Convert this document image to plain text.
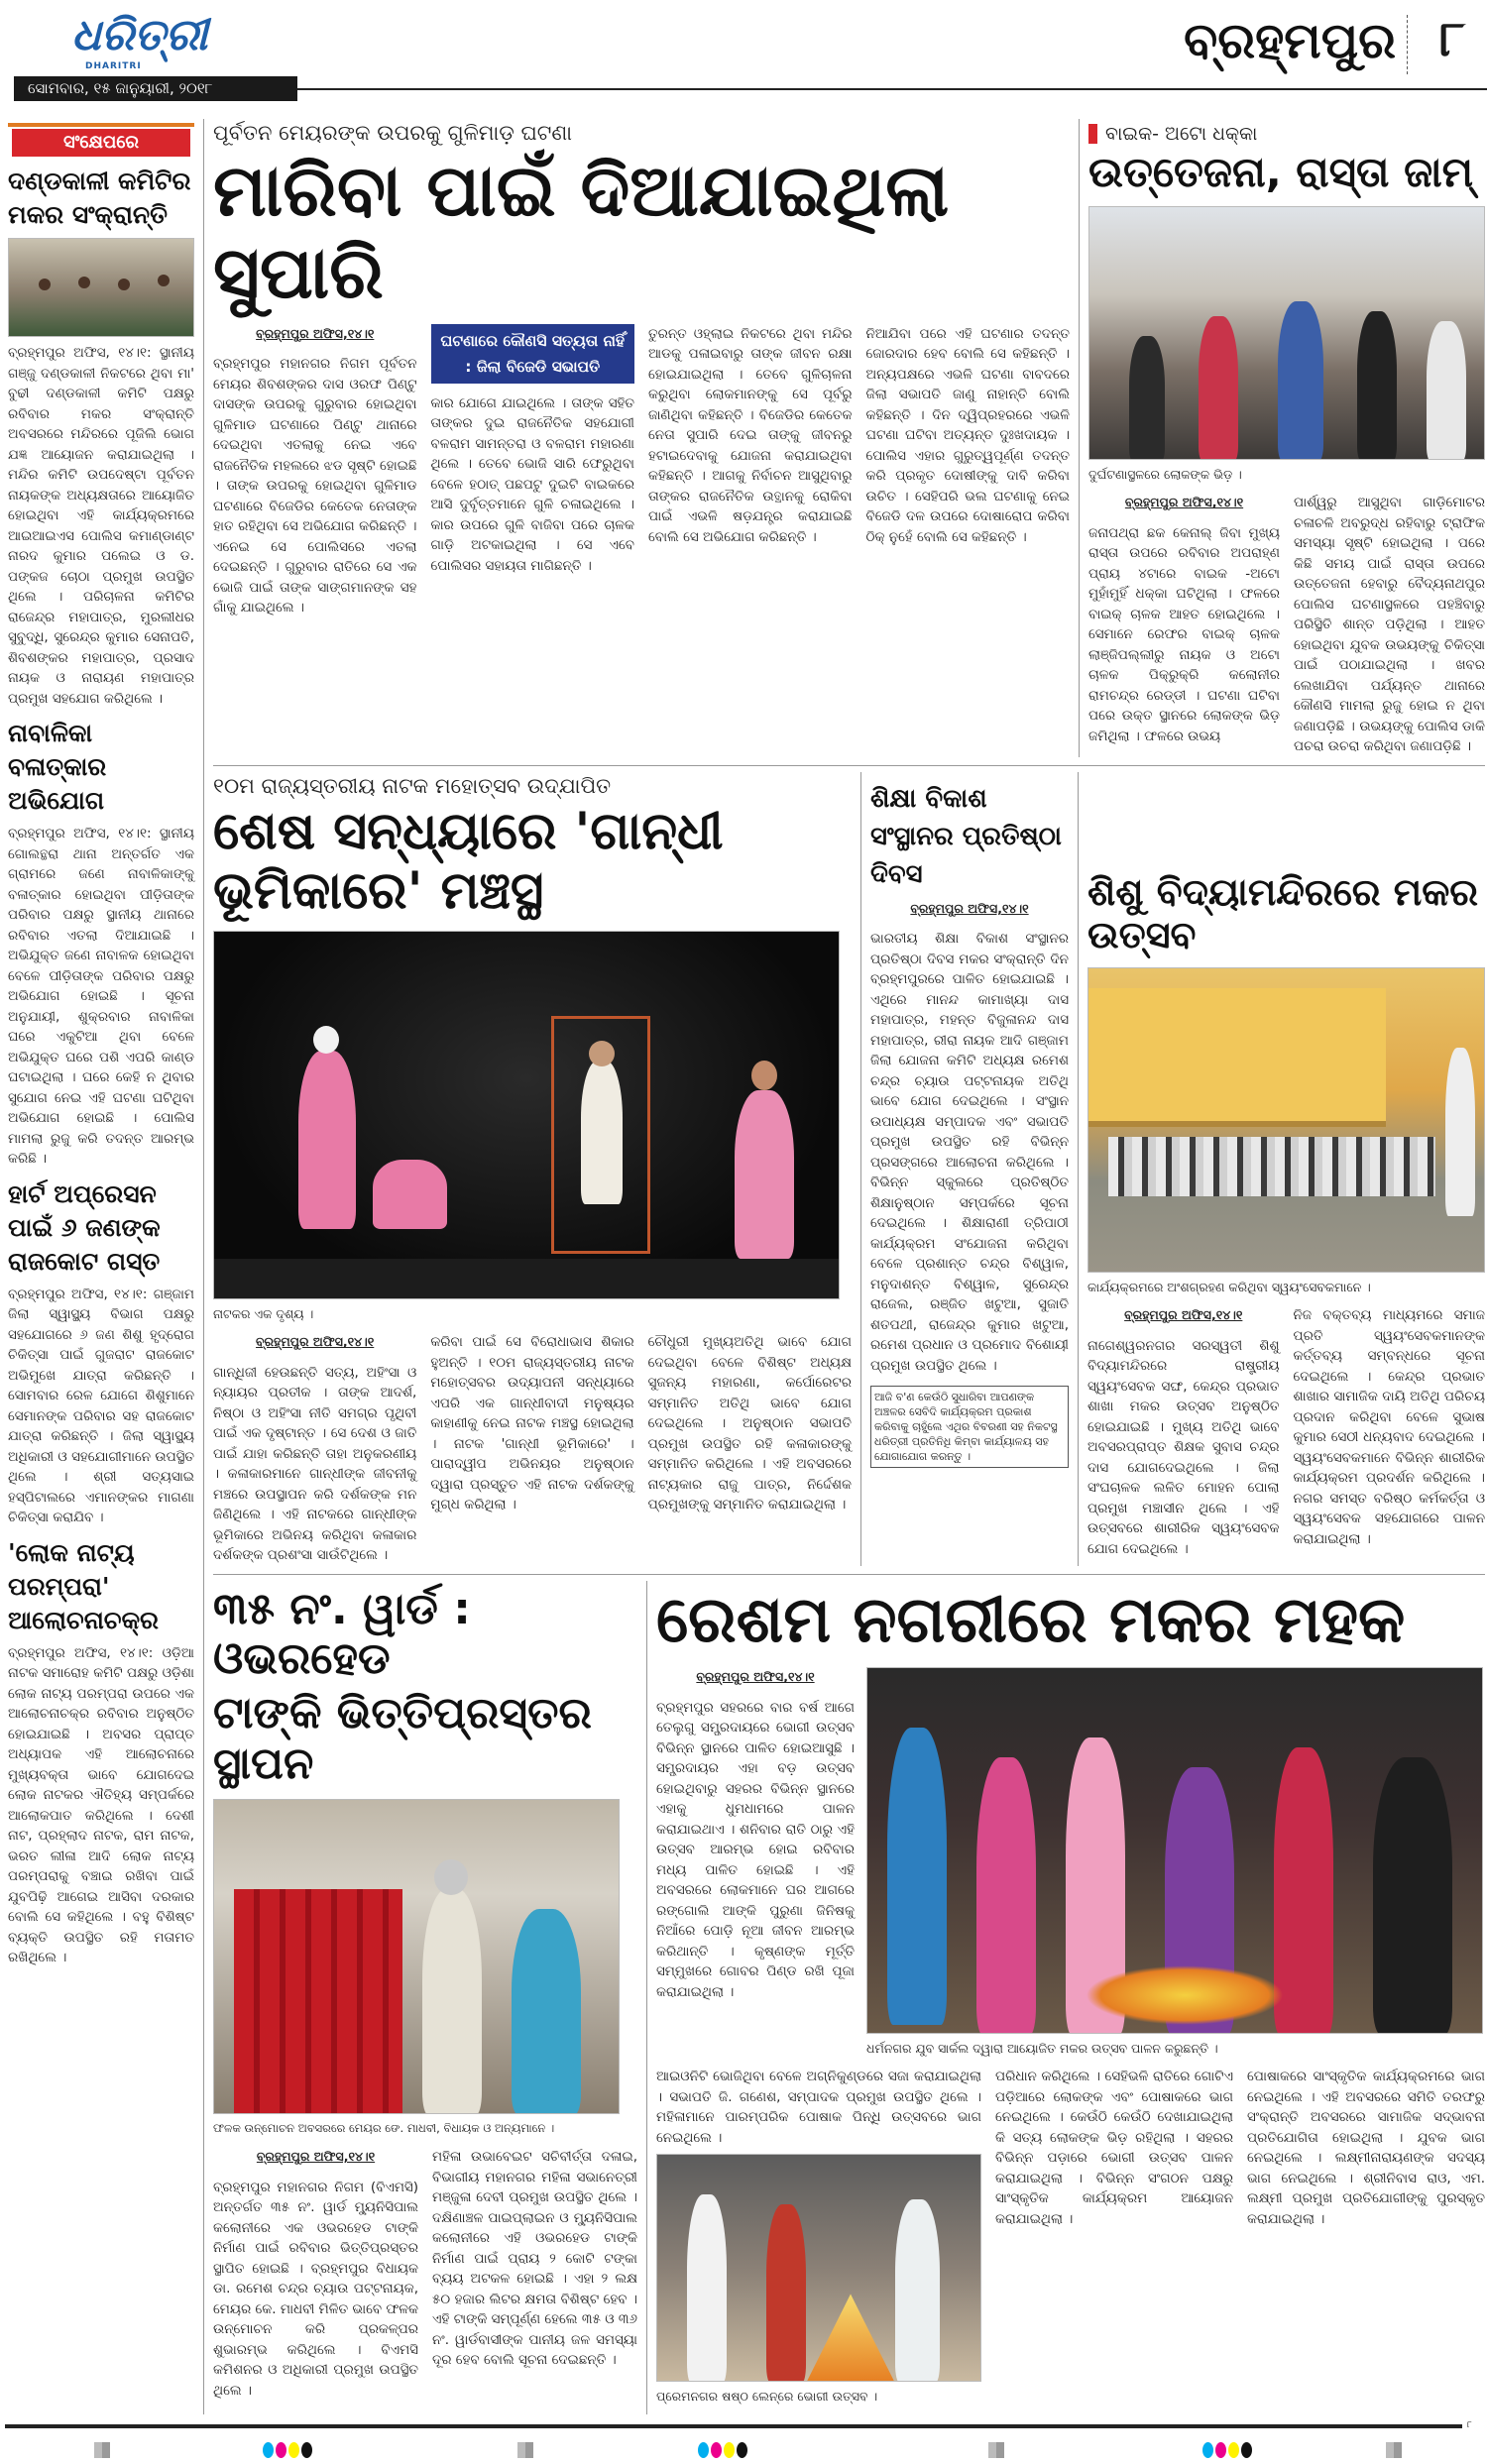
ଧରିତ୍ରୀ
DHARITRI
ସୋମବାର, ୧୫ ଜାନୁୟାରୀ, ୨୦୧୮
ବ୍ରହ୍ମପୁର ୮
ସଂକ୍ଷେପରେ
ଦଣ୍ଡକାଳୀ କମିଟିର ମକର ସଂକ୍ରାନ୍ତି
ବ୍ରହ୍ମପୁର ଅଫିସ, ୧୪।୧: ସ୍ଥାନୀୟ ଗଞ୍ଜୁ ଦଣ୍ଡକାଳୀ ନିକଟରେ ଥିବା ମା' ବୁଢୀ ଦଣ୍ଡକାଳୀ କମିଟି ପକ୍ଷରୁ ରବିବାର ମକର ସଂକ୍ରାନ୍ତି ଅବସରରେ ମନ୍ଦିରରେ ପୂଜିଲି ଭୋଗ ଯଜ୍ଞ ଆୟୋଜନ କରାଯାଇଥିଲା । ମନ୍ଦିର କମିଟି ଉପଦେଷ୍ଟା ପୂର୍ବତନ ନାୟକଙ୍କ ଅଧ୍ୟକ୍ଷତାରେ ଆୟୋଜିତ ହୋଇଥିବା ଏହି କାର୍ଯ୍ୟକ୍ରମରେ ଆଇଆଇଏସ ପୋଲିସ କମାଣ୍ଡାଣ୍ଟ ନାରଦ କୁମାର ପଲେଇ ଓ ଡ. ପଙ୍କଜ ଚୋଠା ପ୍ରମୁଖ ଉପସ୍ଥିତ ଥିଲେ । ପରିଚାଳନା କମିଟିର ରାଜେନ୍ଦ୍ର ମହାପାତ୍ର, ମୁରଲୀଧର ସୁବୁଦ୍ଧି, ସୁରେନ୍ଦ୍ର କୁମାର ସେନାପତି, ଶିବଶଙ୍କର ମହାପାତ୍ର, ପ୍ରସାଦ ନାୟକ ଓ ନାରାୟଣ ମହାପାତ୍ର ପ୍ରମୁଖ ସହଯୋଗ କରିଥିଲେ ।
ନାବାଳିକା ବଳାତ୍କାର ଅଭିଯୋଗ
ବ୍ରହ୍ମପୁର ଅଫିସ, ୧୪।୧: ସ୍ଥାନୀୟ ଗୋଲନ୍ଥରା ଥାନା ଅନ୍ତର୍ଗତ ଏକ ଗ୍ରାମରେ ଜଣେ ନାବାଳିକାଙ୍କୁ ବଳାତ୍କାର ହୋଇଥିବା ପୀଡ଼ିତାଙ୍କ ପରିବାର ପକ୍ଷରୁ ସ୍ଥାନୀୟ ଥାନାରେ ରବିବାର ଏତଲା ଦିଆଯାଇଛି । ଅଭିଯୁକ୍ତ ଜଣେ ନାବାଳକ ହୋଇଥିବା ବେଳେ ପୀଡ଼ିତାଙ୍କ ପରିବାର ପକ୍ଷରୁ ଅଭିଯୋଗ ହୋଇଛି । ସୂଚନା ଅନୁଯାୟୀ, ଶୁକ୍ରବାର ନାବାଳିକା ଘରେ ଏକୁଟିଆ ଥିବା ବେଳେ ଅଭିଯୁକ୍ତ ଘରେ ପଶି ଏପରି କାଣ୍ଡ ଘଟାଇଥିଲା । ଘରେ କେହି ନ ଥିବାର ସୁଯୋଗ ନେଇ ଏହି ଘଟଣା ଘଟିଥିବା ଅଭିଯୋଗ ହୋଇଛି । ପୋଲିସ ମାମଲା ରୁଜୁ କରି ତଦନ୍ତ ଆରମ୍ଭ କରିଛି ।
ହାର୍ଟ ଅପ୍ରେସନ ପାଇଁ ୬ ଜଣଙ୍କ ରାଜକୋଟ ଗସ୍ତ
ବ୍ରହ୍ମପୁର ଅଫିସ, ୧୪।୧: ଗଞ୍ଜାମ ଜିଲା ସ୍ୱାସ୍ଥ୍ୟ ବିଭାଗ ପକ୍ଷରୁ ସହଯୋଗରେ ୬ ଜଣ ଶିଶୁ ହୃଦ୍‌ରୋଗ ଚିକିତ୍ସା ପାଇଁ ଗୁଜରାଟ ରାଜକୋଟ ଅଭିମୁଖେ ଯାତ୍ରା କରିଛନ୍ତି । ସୋମବାର ରେଳ ଯୋଗେ ଶିଶୁମାନେ ସେମାନଙ୍କ ପରିବାର ସହ ରାଜକୋଟ ଯାତ୍ରା କରିଛନ୍ତି । ଜିଲା ସ୍ୱାସ୍ଥ୍ୟ ଅଧିକାରୀ ଓ ସହଯୋଗୀମାନେ ଉପସ୍ଥିତ ଥିଲେ । ଶ୍ରୀ ସତ୍ୟସାଇ ହସ୍ପିଟାଲରେ ଏମାନଙ୍କର ମାଗଣା ଚିକିତ୍ସା କରାଯିବ ।
'ଲୋକ ନାଟ୍ୟ ପରମ୍ପରା' ଆଲୋଚନାଚକ୍ର
ବ୍ରହ୍ମପୁର ଅଫିସ, ୧୪।୧: ଓଡ଼ିଆ ନାଟକ ସମାରୋହ କମିଟି ପକ୍ଷରୁ ଓଡ଼ିଶା ଲୋକ ନାଟ୍ୟ ପରମ୍ପରା ଉପରେ ଏକ ଆଲୋଚନାଚକ୍ର ରବିବାର ଅନୁଷ୍ଠିତ ହୋଇଯାଇଛି । ଅବସର ପ୍ରାପ୍ତ ଅଧ୍ୟାପକ ଏହି ଆଲୋଚନାରେ ମୁଖ୍ୟବକ୍ତା ଭାବେ ଯୋଗଦେଇ ଲୋକ ନାଟକର ଐତିହ୍ୟ ସମ୍ପର୍କରେ ଆଲୋକପାତ କରିଥିଲେ । ଦେଶୀ ନାଟ, ପ୍ରହ୍ଲାଦ ନାଟକ, ରାମ ନାଟକ, ଭରତ ଲୀଳା ଆଦି ଲୋକ ନାଟ୍ୟ ପରମ୍ପରାକୁ ବଞ୍ଚାଇ ରଖିବା ପାଇଁ ଯୁବପିଢ଼ି ଆଗେଇ ଆସିବା ଦରକାର ବୋଲି ସେ କହିଥିଲେ । ବହୁ ବିଶିଷ୍ଟ ବ୍ୟକ୍ତି ଉପସ୍ଥିତ ରହି ମତାମତ ରଖିଥିଲେ ।
ପୂର୍ବତନ ମେୟରଙ୍କ ଉପରକୁ ଗୁଳିମାଡ଼ ଘଟଣା
ମାରିବା ପାଇଁ ଦିଆଯାଇଥିଲା ସୁପାରି
ବ୍ରହ୍ମପୁର ଅଫିସ,୧୪।୧
ବ୍ରହ୍ମପୁର ମହାନଗର ନିଗମ ପୂର୍ବତନ ମେୟର ଶିବଶଙ୍କର ଦାସ ଓରଫ ପିଣ୍ଟୁ ଦାସଙ୍କ ଉପରକୁ ଗୁରୁବାର ହୋଇଥିବା ଗୁଳିମାଡ ଘଟଣାରେ ପିଣ୍ଟୁ ଥାନାରେ ଦେଇଥିବା ଏତଲାକୁ ନେଇ ଏବେ ରାଜନୈତିକ ମହଲରେ ଝଡ ସୃଷ୍ଟି ହୋଇଛି । ତାଙ୍କ ଉପରକୁ ହୋଇଥିବା ଗୁଳିମାଡ ଘଟଣାରେ ବିଜେଡିର କେତେକ ନେତାଙ୍କ ହାତ ରହିଥିବା ସେ ଅଭିଯୋଗ କରିଛନ୍ତି । ଏନେଇ ସେ ପୋଲିସରେ ଏତଲା ଦେଇଛନ୍ତି । ଗୁରୁବାର ରାତିରେ ସେ ଏକ ଭୋଜି ପାଇଁ ତାଙ୍କ ସାଙ୍ଗମାନଙ୍କ ସହ ଗାଁକୁ ଯାଇଥିଲେ ।
ଘଟଣାରେ କୌଣସି ସତ୍ୟତା ନାହିଁ : ଜିଲା ବିଜେଡି ସଭାପତି
କାର ଯୋଗେ ଯାଇଥିଲେ । ତାଙ୍କ ସହିତ ତାଙ୍କର ଦୁଇ ରାଜନୈତିକ ସହଯୋଗୀ ବଳରାମ ସାମନ୍ତରା ଓ ବଳରାମ ମହାରଣା ଥିଲେ । ତେବେ ଭୋଜି ସାରି ଫେରୁଥିବା ବେଳେ ହଠାତ୍ ପଛପଟୁ ଦୁଇଟି ବାଇକରେ ଆସି ଦୁର୍ବୃତ୍ତମାନେ ଗୁଳି ଚଳାଇଥିଲେ । କାର ଉପରେ ଗୁଳି ବାଜିବା ପରେ ଚାଳକ ଗାଡ଼ି ଅଟକାଇଥିଲା । ସେ ଏବେ ପୋଲିସର ସହାୟତା ମାଗିଛନ୍ତି ।
ତୁରନ୍ତ ଓହ୍ଲାଇ ନିକଟରେ ଥିବା ମନ୍ଦିର ଆଡକୁ ପଳାଇବାରୁ ତାଙ୍କ ଜୀବନ ରକ୍ଷା ହୋଇଯାଇଥିଲା । ତେବେ ଗୁଳିଚାଳନା କରୁଥିବା ଲୋକମାନଙ୍କୁ ସେ ପୂର୍ବରୁ ଜାଣିଥିବା କହିଛନ୍ତି । ବିଜେଡିର କେତେକ ନେତା ସୁପାରି ଦେଇ ତାଙ୍କୁ ଜୀବନରୁ ହଟାଇଦେବାକୁ ଯୋଜନା କରାଯାଇଥିବା କହିଛନ୍ତି । ଆଗକୁ ନିର୍ବାଚନ ଆସୁଥିବାରୁ ତାଙ୍କର ରାଜନୈତିକ ଉତ୍ଥାନକୁ ରୋକିବା ପାଇଁ ଏଭଳି ଷଡ଼ଯନ୍ତ୍ର କରାଯାଇଛି ବୋଲି ସେ ଅଭିଯୋଗ କରିଛନ୍ତି ।
ନିଆଯିବା ପରେ ଏହି ଘଟଣାର ତଦନ୍ତ ଜୋରଦାର ହେବ ବୋଲି ସେ କହିଛନ୍ତି । ଅନ୍ୟପକ୍ଷରେ ଏଭଳି ଘଟଣା ବାବଦରେ ଜିଲା ସଭାପତି ଜାଣୁ ନାହାନ୍ତି ବୋଲି କହିଛନ୍ତି । ଦିନ ଦ୍ୱିପ୍ରହରରେ ଏଭଳି ଘଟଣା ଘଟିବା ଅତ୍ୟନ୍ତ ଦୁଃଖଦାୟକ । ପୋଲିସ ଏହାର ଗୁରୁତ୍ୱପୂର୍ଣ୍ଣ ତଦନ୍ତ କରି ପ୍ରକୃତ ଦୋଷୀଙ୍କୁ ଦାବି କରିବା ଉଚିତ । ସେହିପରି ଭଲ ଘଟଣାକୁ ନେଇ ବିଜେଡି ଦଳ ଉପରେ ଦୋଷାରୋପ କରିବା ଠିକ୍ ନୁହେଁ ବୋଲି ସେ କହିଛନ୍ତି ।
ବାଇକ- ଅଟୋ ଧକ୍କା
ଉତ୍ତେଜନା, ରାସ୍ତା ଜାମ୍
ଦୁର୍ଘଟଣାସ୍ଥଳରେ ଲୋକଙ୍କ ଭିଡ଼ ।
ବ୍ରହ୍ମପୁର ଅଫିସ,୧୪।୧
ଜନାପଥ୍ରା ଛକ କେନାଲ୍ ଜିବା ମୁଖ୍ୟ ରାସ୍ତା ଉପରେ ରବିବାର ଅପରାହ୍ଣ ପ୍ରାୟ ୪ଟାରେ ବାଇକ -ଅଟୋ ମୁହାଁମୁହିଁ ଧକ୍କା ଘଟିଥିଲା । ଫଳରେ ବାଇକ୍ ଚାଳକ ଆହତ ହୋଇଥିଲେ । ସେମାନେ ରେଫର ବାଇକ୍ ଚାଳକ ଲାଞ୍ଜିପଲ୍ଲୀରୁ ନାୟକ ଓ ଅଟୋ ଚାଳକ ପିକ୍ରୁକ୍ରି କଲୋନୀର ରାମଚନ୍ଦ୍ର ରେଡ୍ଡୀ । ଘଟଣା ଘଟିବା ପରେ ଉକ୍ତ ସ୍ଥାନରେ ଲୋକଙ୍କ ଭିଡ଼ ଜମିଥିଲା । ଫଳରେ ଉଭୟ
ପାର୍ଶ୍ୱରୁ ଆସୁଥିବା ଗାଡ଼ିମୋଟର ଚଳାଚଳି ଅବରୁଦ୍ଧ ରହିବାରୁ ଟ୍ରାଫିକ ସମସ୍ୟା ସୃଷ୍ଟି ହୋଇଥିଲା । ପରେ କିଛି ସମୟ ପାଇଁ ରାସ୍ତା ଉପରେ ଉତ୍ତେଜନା ହେବାରୁ ବୈଦ୍ୟନାଥପୁର ପୋଲିସ ଘଟଣାସ୍ଥଳରେ ପହଞ୍ଚିବାରୁ ପରିସ୍ଥିତି ଶାନ୍ତ ପଡ଼ିଥିଲା । ଆହତ ହୋଇଥିବା ଯୁବକ ଉଭୟଙ୍କୁ ଚିକିତ୍ସା ପାଇଁ ପଠାଯାଇଥିଲା । ଖବର ଲେଖାଯିବା ପର୍ଯ୍ୟନ୍ତ ଥାନାରେ କୌଣସି ମାମଲା ରୁଜୁ ହୋଇ ନ ଥିବା ଜଣାପଡ଼ିଛି । ଉଭୟଙ୍କୁ ପୋଲିସ ଡାକି ପଚରା ଉଚରା କରିଥିବା ଜଣାପଡ଼ିଛି ।
୧୦ମ ରାଜ୍ୟସ୍ତରୀୟ ନାଟକ ମହୋତ୍ସବ ଉଦ୍‌ଯାପିତ
ଶେଷ ସନ୍ଧ୍ୟାରେ 'ଗାନ୍ଧୀ ଭୂମିକାରେ' ମଞ୍ଚସ୍ଥ
ନାଟକର ଏକ ଦୃଶ୍ୟ ।
ବ୍ରହ୍ମପୁର ଅଫିସ,୧୪।୧
ଗାନ୍ଧିଜୀ ହେଉଛନ୍ତି ସତ୍ୟ, ଅହିଂସା ଓ ନ୍ୟାୟର ପ୍ରତୀକ । ତାଙ୍କ ଆଦର୍ଶ, ନିଷ୍ଠା ଓ ଅହିଂସା ନୀତି ସମଗ୍ର ପୃଥିବୀ ପାଇଁ ଏକ ଦୃଷ୍ଟାନ୍ତ । ସେ ଦେଶ ଓ ଜାତି ପାଇଁ ଯାହା କରିଛନ୍ତି ତାହା ଅନୁକରଣୀୟ । କଳାକାରମାନେ ଗାନ୍ଧୀଙ୍କ ଜୀବନୀକୁ ମଞ୍ଚରେ ଉପସ୍ଥାପନ କରି ଦର୍ଶକଙ୍କ ମନ ଜିଣିଥିଲେ । ଏହି ନାଟକରେ ଗାନ୍ଧୀଙ୍କ ଭୂମିକାରେ ଅଭିନୟ କରିଥିବା କଳାକାର ଦର୍ଶକଙ୍କ ପ୍ରଶଂସା ସାଉଁଟିଥିଲେ ।
କରିବା ପାଇଁ ସେ ବିରୋଧାଭାସ ଶିକାର ହୁଅନ୍ତି । ୧୦ମ ରାଜ୍ୟସ୍ତରୀୟ ନାଟକ ମହୋତ୍ସବର ଉଦ୍ୟାପନୀ ସନ୍ଧ୍ୟାରେ ଏପରି ଏକ ଗାନ୍ଧୀବାଦୀ ମନୁଷ୍ୟର କାହାଣୀକୁ ନେଇ ନାଟକ ମଞ୍ଚସ୍ଥ ହୋଇଥିଲା । ନାଟକ 'ଗାନ୍ଧୀ ଭୂମିକାରେ' । ପାରାଦ୍ୱୀପ ଅଭିନୟର ଅନୁଷ୍ଠାନ ଦ୍ୱାରା ପ୍ରସ୍ତୁତ ଏହି ନାଟକ ଦର୍ଶକଙ୍କୁ ମୁଗ୍ଧ କରିଥିଲା ।
ଚୌଧୁରୀ ମୁଖ୍ୟଅତିଥି ଭାବେ ଯୋଗ ଦେଇଥିବା ବେଳେ ବିଶିଷ୍ଟ ଅଧ୍ୟକ୍ଷ ସୁଜନ୍ୟ ମହାରଣା, କର୍ପୋରେଟର ସମ୍ମାନିତ ଅତିଥି ଭାବେ ଯୋଗ ଦେଇଥିଲେ । ଅନୁଷ୍ଠାନ ସଭାପତି ପ୍ରମୁଖ ଉପସ୍ଥିତ ରହି କଳାକାରଙ୍କୁ ସମ୍ମାନିତ କରିଥିଲେ । ଏହି ଅବସରରେ ନାଟ୍ୟକାର ରାଜୁ ପାତ୍ର, ନିର୍ଦ୍ଦେଶକ ପ୍ରମୁଖଙ୍କୁ ସମ୍ମାନିତ କରାଯାଇଥିଲା ।
ଶିକ୍ଷା ବିକାଶ ସଂସ୍ଥାନର ପ୍ରତିଷ୍ଠା ଦିବସ
ବ୍ରହ୍ମପୁର ଅଫିସ,୧୪।୧
ଭାରତୀୟ ଶିକ୍ଷା ବିକାଶ ସଂସ୍ଥାନର ପ୍ରତିଷ୍ଠା ଦିବସ ମକର ସଂକ୍ରାନ୍ତି ଦିନ ବ୍ରହ୍ମପୁରରେ ପାଳିତ ହୋଇଯାଇଛି । ଏଥିରେ ମାନନ୍ଦ କାମାଖ୍ୟା ଦାସ ମହାପାତ୍ର, ମହନ୍ତ ବିଜୁଳାନନ୍ଦ ଦାସ ମହାପାତ୍ର, ରୀରା ନାୟକ ଆଦି ଗଞ୍ଜାମ ଜିଲା ଯୋଜନା କମିଟି ଅଧ୍ୟକ୍ଷ ରମେଶ ଚନ୍ଦ୍ର ଚ୍ୟାଉ ପଟ୍ଟନାୟକ ଅତିଥି ଭାବେ ଯୋଗ ଦେଇଥିଲେ । ସଂସ୍ଥାନ ଉପାଧ୍ୟକ୍ଷ ସମ୍ପାଦକ ଏବଂ ସଭାପତି ପ୍ରମୁଖ ଉପସ୍ଥିତ ରହି ବିଭିନ୍ନ ପ୍ରସଙ୍ଗରେ ଆଲୋଚନା କରିଥିଲେ । ବିଭିନ୍ନ ସ୍କୁଲରେ ପ୍ରତିଷ୍ଠିତ ଶିକ୍ଷାନୁଷ୍ଠାନ ସମ୍ପର୍କରେ ସୂଚନା ଦେଇଥିଲେ । ଶିକ୍ଷାରାଣୀ ତ୍ରିପାଠୀ କାର୍ଯ୍ୟକ୍ରମ ସଂଯୋଜନା କରିଥିବା ବେଳେ ପ୍ରଶାନ୍ତ ଚନ୍ଦ୍ର ବିଶ୍ୱାଳ, ମନୁଦାଶନ୍ତ ବିଶ୍ୱାଳ, ସୁରେନ୍ଦ୍ର ରାଜେଲ, ରଞ୍ଜିତ ଖଟୁଆ, ସୁଜାତି ଶତପଥୀ, ରାଜେନ୍ଦ୍ର କୁମାର ଖଟୁଆ, ରମେଶ ପ୍ରଧାନ ଓ ପ୍ରମୋଦ ବିଶୋୟୀ ପ୍ରମୁଖ ଉପସ୍ଥିତ ଥିଲେ ।
ଆଜି ବ'ଣ କେଉଁଠି ସୁଧାରିବା ଆପଣଙ୍କ ଅଞ୍ଚଳର ସେବିଦି କାର୍ଯ୍ୟକ୍ରମ ପ୍ରକାଶ କରିବାକୁ ଚାହୁଁଲେ ଏଥିର ବିବରଣୀ ସହ ନିକଟସ୍ଥ ଧରିତ୍ରୀ ପ୍ରତିନିଧି କିମ୍ବା କାର୍ଯ୍ୟାଳୟ ସହ ଯୋଗାଯୋଗ କରନ୍ତୁ ।
ଶିଶୁ ବିଦ୍ୟାମନ୍ଦିରରେ ମକର ଉତ୍ସବ
କାର୍ଯ୍ୟକ୍ରମରେ ଅଂଶଗ୍ରହଣ କରିଥିବା ସ୍ୱୟଂସେବକମାନେ ।
ବ୍ରହ୍ମପୁର ଅଫିସ,୧୪।୧
ନାଗେଶ୍ୱରନଗର ସରସ୍ୱତୀ ଶିଶୁ ବିଦ୍ୟାମନ୍ଦିରରେ ରାଷ୍ଟ୍ରୀୟ ସ୍ୱୟଂସେବକ ସଙ୍ଘ, କେନ୍ଦ୍ର ପ୍ରଭାତ ଶାଖା ମକର ଉତ୍ସବ ଅନୁଷ୍ଠିତ ହୋଇଯାଇଛି । ମୁଖ୍ୟ ଅତିଥି ଭାବେ ଅବସରପ୍ରାପ୍ତ ଶିକ୍ଷକ ସୁବାସ ଚନ୍ଦ୍ର ଦାସ ଯୋଗଦେଇଥିଲେ । ଜିଲା ସଂଘଚାଳକ ଲଳିତ ମୋହନ ପୋଲା ପ୍ରମୁଖ ମଞ୍ଚାସୀନ ଥିଲେ । ଏହି ଉତ୍ସବରେ ଶାରୀରିକ ସ୍ୱୟଂସେବକ ଯୋଗ ଦେଇଥିଲେ ।
ନିଜ ବକ୍ତବ୍ୟ ମାଧ୍ୟମରେ ସମାଜ ପ୍ରତି ସ୍ୱୟଂସେବକମାନଙ୍କ କର୍ତ୍ତବ୍ୟ ସମ୍ବନ୍ଧରେ ସୂଚନା ଦେଇଥିଲେ । କେନ୍ଦ୍ର ପ୍ରଭାତ ଶାଖାର ସାମାଜିକ ଦାୟି ଅତିଥି ପରିଚୟ ପ୍ରଦାନ କରିଥିବା ବେଳେ ସୁଭାଷ କୁମାର ସେଠୀ ଧନ୍ୟବାଦ ଦେଇଥିଲେ । ସ୍ୱୟଂସେବକମାନେ ବିଭିନ୍ନ ଶାରୀରିକ କାର୍ଯ୍ୟକ୍ରମ ପ୍ରଦର୍ଶନ କରିଥିଲେ । ନଗର ସମସ୍ତ ବରିଷ୍ଠ କର୍ମକର୍ତ୍ତା ଓ ସ୍ୱୟଂସେବକ ସହଯୋଗରେ ପାଳନ କରାଯାଇଥିଲା ।
୩୫ ନଂ. ୱାର୍ଡ : ଓଭରହେଡ
ଟାଙ୍କି ଭିତ୍ତିପ୍ରସ୍ତର ସ୍ଥାପନ
ଫଳକ ଉନ୍ମୋଚନ ଅବସରରେ ମେୟର ଙେ. ମାଧବୀ, ବିଧାୟକ ଓ ଅନ୍ୟମାନେ ।
ବ୍ରହ୍ମପୁର ଅଫିସ,୧୪।୧
ବ୍ରହ୍ମପୁର ମହାନଗର ନିଗମ (ବିଏମସି) ଅନ୍ତର୍ଗତ ୩୫ ନଂ. ୱାର୍ଡ ମ୍ୟୁନିସିପାଲ କଲୋନୀରେ ଏକ ଓଭରହେଡ ଟାଙ୍କି ନିର୍ମାଣ ପାଇଁ ରବିବାର ଭିତ୍ତିପ୍ରସ୍ତର ସ୍ଥାପିତ ହୋଇଛି । ବ୍ରହ୍ମପୁର ବିଧାୟକ ଡା. ରମେଶ ଚନ୍ଦ୍ର ଚ୍ୟାଉ ପଟ୍ଟନାୟକ, ମେୟର କେ. ମାଧବୀ ମିଳିତ ଭାବେ ଫଳକ ଉନ୍ମୋଚନ କରି ପ୍ରକଳ୍ପର ଶୁଭାରମ୍ଭ କରିଥିଲେ । ବିଏମସି କମିଶନର ଓ ଅଧିକାରୀ ପ୍ରମୁଖ ଉପସ୍ଥିତ ଥିଲେ ।
ମହିଳା ଉଭାବେଇଟ ସଚିବୀର୍ତ୍ତା ଦଳାଇ, ବିଭାଗୀୟ ମହାନଗର ମହିଳା ସଭାନେତ୍ରୀ ମଞ୍ଜୁଳା ଦେବୀ ପ୍ରମୁଖ ଉପସ୍ଥିତ ଥିଲେ । ଦକ୍ଷିଣାଞ୍ଚଳ ପାଇପ୍‌ଲାଇନ ଓ ମ୍ୟୁନିସିପାଲ କଲୋନୀରେ ଏହି ଓଭରହେଡ ଟାଙ୍କି ନିର୍ମାଣ ପାଇଁ ପ୍ରାୟ ୨ କୋଟି ଟଙ୍କା ବ୍ୟୟ ଅଟକଳ ହୋଇଛି । ଏହା ୨ ଲକ୍ଷ ୫୦ ହଜାର ଲିଟର କ୍ଷମତା ବିଶିଷ୍ଟ ହେବ । ଏହି ଟାଙ୍କି ସମ୍ପୂର୍ଣ୍ଣ ହେଲେ ୩୫ ଓ ୩୬ ନଂ. ୱାର୍ଡବାସୀଙ୍କ ପାନୀୟ ଜଳ ସମସ୍ୟା ଦୂର ହେବ ବୋଲି ସୂଚନା ଦେଇଛନ୍ତି ।
ରେଶମ ନଗରୀରେ ମକର ମହକ
ବ୍ରହ୍ମପୁର ଅଫିସ,୧୪।୧
ବ୍ରହ୍ମପୁର ସହରରେ ବାର ବର୍ଷ ଆଗେ ତେଲୁଗୁ ସମ୍ପ୍ରଦାୟରେ ଭୋଗୀ ଉତ୍ସବ ବିଭିନ୍ନ ସ୍ଥାନରେ ପାଳିତ ହୋଇଆସୁଛି । ସମ୍ପ୍ରଦାୟର ଏହା ବଡ଼ ଉତ୍ସବ ହୋଇଥିବାରୁ ସହରର ବିଭିନ୍ନ ସ୍ଥାନରେ ଏହାକୁ ଧୁମଧାମରେ ପାଳନ କରାଯାଇଥାଏ । ଶନିବାର ରାତି ଠାରୁ ଏହି ଉତ୍ସବ ଆରମ୍ଭ ହୋଇ ରବିବାର ମଧ୍ୟ ପାଳିତ ହୋଇଛି । ଏହି ଅବସରରେ ଲୋକମାନେ ଘର ଆଗରେ ରଙ୍ଗୋଲି ଆଙ୍କି ପୁରୁଣା ଜିନିଷକୁ ନିଆଁରେ ପୋଡ଼ି ନୂଆ ଜୀବନ ଆରମ୍ଭ କରିଥାନ୍ତି । କୃଷ୍ଣଙ୍କ ମୂର୍ତ୍ତି ସମ୍ମୁଖରେ ଗୋବର ପିଣ୍ଡ ରଖି ପୂଜା କରାଯାଇଥିଲା ।
ଧର୍ମନଗର ଯୁବ ସାର୍କଲ ଦ୍ୱାରା ଆୟୋଜିତ ମକର ଉତ୍ସବ ପାଳନ କରୁଛନ୍ତି ।
ଆଇଓନିଟି ଭୋଜିଥିବା ବେଳେ ଅଗ୍ନିକୁଣ୍ଡରେ ସଜା କରାଯାଇଥିଲା । ସଭାପତି ଜି. ଗଣେଶ, ସମ୍ପାଦକ ପ୍ରମୁଖ ଉପସ୍ଥିତ ଥିଲେ । ମହିଳାମାନେ ପାରମ୍ପରିକ ପୋଷାକ ପିନ୍ଧି ଉତ୍ସବରେ ଭାଗ ନେଇଥିଲେ ।
ପ୍ରେମନଗର ଷଷ୍ଠ ଲେନ୍‌ରେ ଭୋଗୀ ଉତ୍ସବ ।
ପରିଧାନ କରିଥିଲେ । ସେହିଭଳି ରାତିରେ ଗୋଟିଏ ପଡ଼ିଆରେ ଲୋକଙ୍କ ଏବଂ ପୋଷାକରେ ଭାଗ ନେଇଥିଲେ । କେଉଁଠି କେଉଁଠି ଦେଖାଯାଇଥିଲା କି ସତ୍ୟ ଲୋକଙ୍କ ଭିଡ଼ ରହିଥିଲା । ସହରର ବିଭିନ୍ନ ପଡ଼ାରେ ଭୋଗୀ ଉତ୍ସବ ପାଳନ କରାଯାଇଥିଲା । ବିଭିନ୍ନ ସଂଗଠନ ପକ୍ଷରୁ ସାଂସ୍କୃତିକ କାର୍ଯ୍ୟକ୍ରମ ଆୟୋଜନ କରାଯାଇଥିଲା ।
ପୋଷାକରେ ସାଂସ୍କୃତିକ କାର୍ଯ୍ୟକ୍ରମରେ ଭାଗ ନେଇଥିଲେ । ଏହି ଅବସରରେ ସମିତି ତରଫରୁ ସଂକ୍ରାନ୍ତି ଅବସରରେ ସାମାଜିକ ସଦ୍ଭାବନା ପ୍ରତିଯୋଗିତା ହୋଇଥିଲା । ଯୁବକ ଭାଗ ନେଇଥିଲେ । ଲକ୍ଷ୍ମୀନାରାୟଣଙ୍କ ସଦସ୍ୟ ଭାଗ ନେଇଥିଲେ । ଶ୍ରୀନିବାସ ରାଓ, ଏମ. ଲକ୍ଷ୍ମୀ ପ୍ରମୁଖ ପ୍ରତିଯୋଗୀଙ୍କୁ ପୁରସ୍କୃତ କରାଯାଇଥିଲା ।
୮
